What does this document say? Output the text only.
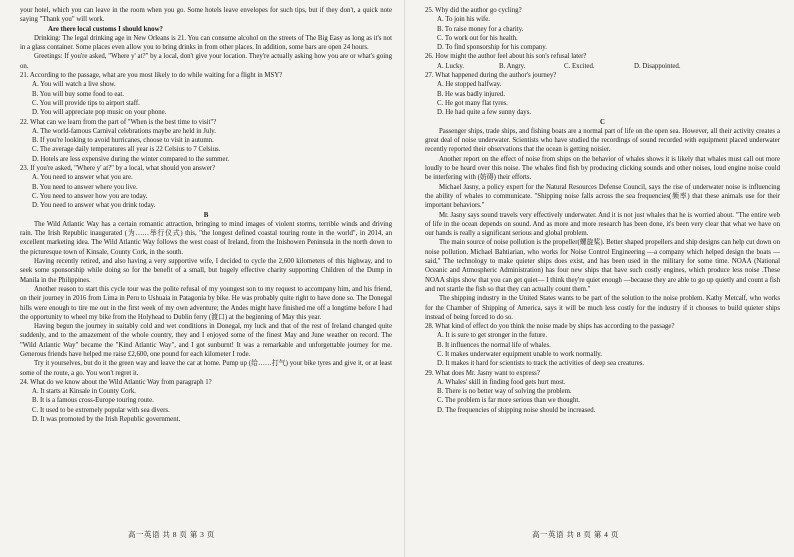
your hotel, which you can leave in the room when you go. Some hotels leave envelopes for such tips, but if they don't, a quick note saying "Thank you" will work.

Are there local customs I should know?

Drinking: The legal drinking age in New Orleans is 21. You can consume alcohol on the streets of The Big Easy as long as it's not in a glass container. Some places even allow you to bring drinks in from other places. In addition, some bars are open 24 hours.

Greetings: If you're asked, "Where y' at?" by a local, don't give your location. They're actually asking how you are or what's going on.

21. According to the passage, what are you most likely to do while waiting for a flight in MSY?

A. You will watch a live show.

B. You will buy some food to eat.

C. You will provide tips to airport staff.

D. You will appreciate pop music on your phone.

22. What can we learn from the part of "When is the best time to visit"?

A. The world-famous Carnival celebrations maybe are held in July.

B. If you're looking to avoid hurricanes, choose to visit in autumn.

C. The average daily temperatures all year is 22 Celsius to 7 Celsius.

D. Hotels are less expensive during the winter compared to the summer.

23. If you're asked, "Where y' at?" by a local, what should you answer?

A. You need to answer what you are.

B. You need to answer where you live.

C. You need to answer how you are today.

D. You need to answer what you drink today.

B

The Wild Atlantic Way has a certain romantic attraction, bringing to mind images of violent storms, terrible winds and driving rain. The Irish Republic inaugurated (为……举行仪式) this, "the longest defined coastal touring route in the world", in 2014, an excellent marketing idea. The Wild Atlantic Way follows the west coast of Ireland, from the Inishowen Peninsula in the north down to the picturesque town of Kinsale, County Cork, in the south.

Having recently retired, and also having a very supportive wife, I decided to cycle the 2,600 kilometers of this highway, and to seek some sponsorship while doing so for the benefit of a small, but hugely effective charity supporting Children of the Dump in Manila in the Philippines.

Another reason to start this cycle tour was the polite refusal of my youngest son to my request to accompany him, and his friend, on their journey in 2016 from Lima in Peru to Ushuaia in Patagonia by bike. He was probably quite right to have done so. The Donegal hills were enough to tire me out in the first week of my own adventure; the Andes might have finished me off a longtime before I had the opportunity to wheel my bike from the Holyhead to Dublin ferry (渡口) at the beginning of May this year.

Having begun the journey in suitably cold and wet conditions in Donegal, my luck and that of the rest of Ireland changed quite suddenly, and to the amazement of the whole country, they and I enjoyed some of the finest May and June weather on record. The "Wild Atlantic Way" became the "Kind Atlantic Way", and I got sunburnt! It was a remarkable and unforgettable journey for me. Generous friends have helped me raise £2,600, one pound for each kilometer I rode.

Try it yourselves, but do it the green way and leave the car at home. Pump up (给……打气) your bike tyres and give it, or at least some of the route, a go. You won't regret it.

24. What do we know about the Wild Atlantic Way from paragraph 1?

A. It starts at Kinsale in County Cork.

B. It is a famous cross-Europe touring route.

C. It used to be extremely popular with sea divers.

D. It was promoted by the Irish Republic government.

25. Why did the author go cycling?

A. To join his wife.

B. To raise money for a charity.

C. To work out for his health.

D. To find sponsorship for his company.

26. How might the author feel about his son's refusal later?

A. Lucky.	B. Angry.	C. Excited.	D. Disappointed.

27. What happened during the author's journey?

A. He stopped halfway.

B. He was badly injured.

C. He got many flat tyres.

D. He had quite a few sunny days.

C

Passenger ships, trade ships, and fishing boats are a normal part of life on the open sea. However, all their activity creates a great deal of noise underwater. Scientists who have studied the recordings of sound recorded with equipment placed underwater recently reported their observations that the ocean is getting noisier.

Another report on the effect of noise from ships on the behavior of whales shows it is likely that whales must call out more loudly to be heard over this noise. The whales find fish by producing clicking sounds and other noises, loud engine noise could be interfering with (妨碍) their efforts.

Michael Jasny, a policy expert for the Natural Resources Defense Council, says the rise of underwater noise is influencing the ability of whales to communicate. "Shipping noise falls across the sea frequencies(频率) that these animals use for their important behaviors."

Mr. Jasny says sound travels very effectively underwater. And it is not just whales that he is worried about. "The entire web of life in the ocean depends on sound. And as more and more research has been done, it's been very clear that what we have on our hands is really a significant serious and global problem.

The main source of noise pollution is the propeller(螺旋桨). Better shaped propellers and ship designs can help cut down on noise pollution. Michael Bahtiarian, who works for Noise Control Engineering —a company which helped design the boats —said," The technology to make quieter ships does exist, and has been used in the military for some time. NOAA (National Oceanic and Atmospheric Administration) has four new ships that have such costly engines, which produce less noise .These NOAA ships show that you can get quiet— I think they're quiet enough —because they are able to go up quietly and count a fish and not startle the fish so that they can actually count them."

The shipping industry in the United States wants to be part of the solution to the noise problem. Kathy Metcalf, who works for the Chamber of Shipping of America, says it will be much less costly for the industry if it chooses to build quieter ships instead of being forced to do so.

28. What kind of effect do you think the noise made by ships has according to the passage?

A. It is sure to get stronger in the future.

B. It influences the normal life of whales.

C. It makes underwater equipment unable to work normally.

D. It makes it hard for scientists to track the activities of deep sea creatures.

29. What does Mr. Jasny want to express?

A. Whales' skill in finding food gets hurt most.

B. There is no better way of solving the problem.

C. The problem is far more serious than we thought.

D. The frequencies of shipping noise should be increased.

高一英语 共 8 页 第 3 页	高一英语 共 8 页 第 4 页
